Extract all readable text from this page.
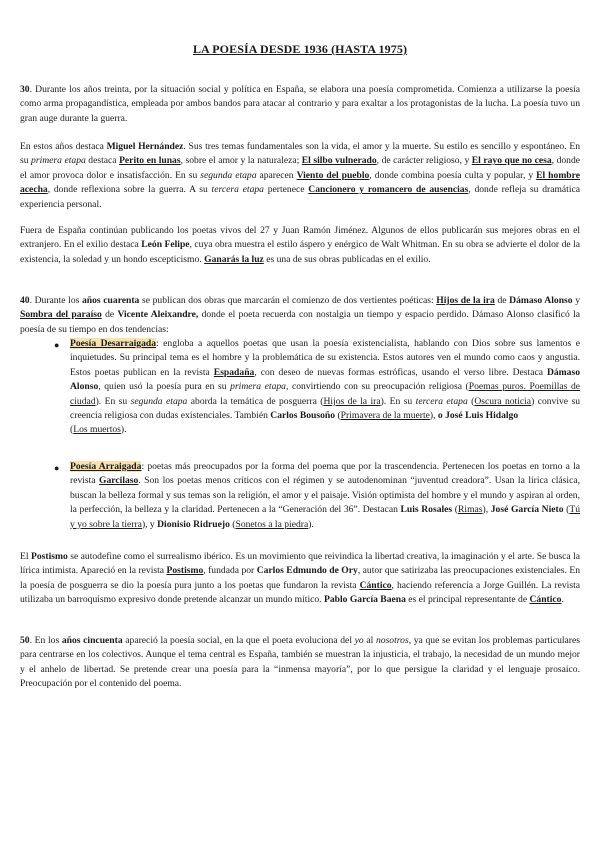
LA POESÍA DESDE 1936 (HASTA 1975)

30. Durante los años treinta, por la situación social y política en España, se elabora una poesía comprometida. Comienza a utilizarse la poesía como arma propagandística, empleada por ambos bandos para atacar al contrario y para exaltar a los protagonistas de la lucha. La poesía tuvo un gran auge durante la guerra.

En estos años destaca Miguel Hernández. Sus tres temas fundamentales son la vida, el amor y la muerte. Su estilo es sencillo y espontáneo. En su primera etapa destaca Perito en lunas, sobre el amor y la naturaleza; El silbo vulnerado, de carácter religioso, y El rayo que no cesa, donde el amor provoca dolor e insatisfacción. En su segunda etapa aparecen Viento del pueblo, donde combina poesía culta y popular, y El hombre acecha, donde reflexiona sobre la guerra. A su tercera etapa pertenece Cancionero y romancero de ausencias, donde refleja su dramática experiencia personal.

Fuera de España continúan publicando los poetas vivos del 27 y Juan Ramón Jiménez. Algunos de ellos publicarán sus mejores obras en el extranjero. En el exilio destaca León Felipe, cuya obra muestra el estilo áspero y enérgico de Walt Whitman. En su obra se advierte el dolor de la existencia, la soledad y un hondo escepticismo. Ganarás la luz es una de sus obras publicadas en el exilio.

40. Durante los años cuarenta se publican dos obras que marcarán el comienzo de dos vertientes poéticas: Hijos de la ira de Dámaso Alonso y Sombra del paraíso de Vicente Aleixandre, donde el poeta recuerda con nostalgia un tiempo y espacio perdido. Dámaso Alonso clasificó la poesía de su tiempo en dos tendencias:

● Poesía Desarraigada: engloba a aquellos poetas que usan la poesía existencialista, hablando con Dios sobre sus lamentos e inquietudes. Su principal tema es el hombre y la problemática de su existencia. Estos autores ven el mundo como caos y angustia. Estos poetas publican en la revista Espadaña, con deseo de nuevas formas estróficas, usando el verso libre. Destaca Dámaso Alonso, quien usó la poesía pura en su primera etapa, convirtiendo con su preocupación religiosa (Poemas puros. Poemillas de ciudad). En su segunda etapa aborda la temática de posguerra (Hijos de la ira). En su tercera etapa (Oscura noticia) convive su creencia religiosa con dudas existenciales. También Carlos Bousoño (Primavera de la muerte), o José Luis Hidalgo
(Los muertos).
● Poesía Arraigada: poetas más preocupados por la forma del poema que por la trascendencia. Pertenecen los poetas en torno a la revista Garcilaso. Son los poetas menos críticos con el régimen y se autodenominan “juventud creadora”. Usan la lírica clásica, buscan la belleza formal y sus temas son la religión, el amor y el paisaje. Visión optimista del hombre y el mundo y aspiran al orden, la perfección, la belleza y la claridad. Pertenecen a la “Generación del 36”. Destacan Luis Rosales (Rimas), José García Nieto (Tú y yo sobre la tierra), y Dionisio Ridruejo (Sonetos a la piedra).

El Postismo se autodefine como el surrealismo ibérico. Es un movimiento que reivindica la libertad creativa, la imaginación y el arte. Se busca la lírica intimista. Apareció en la revista Postismo, fundada por Carlos Edmundo de Ory, autor que satirizaba las preocupaciones existenciales. En la poesía de posguerra se dio la poesía pura junto a los poetas que fundaron la revista Cántico, haciendo referencia a Jorge Guillén. La revista utilizaba un barroquismo expresivo donde pretende alcanzar un mundo mítico. Pablo García Baena es el principal representante de Cántico.

50. En los años cincuenta apareció la poesía social, en la que el poeta evoluciona del yo al nosotros, ya que se evitan los problemas particulares para centrarse en los colectivos. Aunque el tema central es España, también se muestran la injusticia, el trabajo, la necesidad de un mundo mejor y el anhelo de libertad. Se pretende crear una poesía para la “inmensa mayoría”, por lo que persigue la claridad y el lenguaje prosaico. Preocupación por el contenido del poema.
